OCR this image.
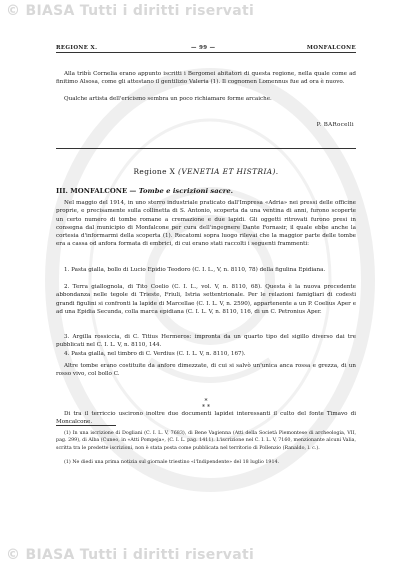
© BIASA Tutti i diritti riservati
REGIONE X.	— 99 —	MONFALCONE

Alla tribù Cornelia erano appunto iscritti i Bergomei abitatori di questa regione, nella quale come ad finitimo Alsosa, come gli attestano il gentilizio Valeria (1). Il cognomen Lomennus fue ad ora è nuovo.

Qualche artista dell'ericismo sembra un poco richiamare forme arcaiche.

P. BARocelli
Regione X (VENETIA ET HISTRIA).
III. MONFALCONE — Tombe e iscrizioni sacre.

Nel maggio del 1914, in uno sterro industriale praticato dall'Impresa «Adria» nei pressi delle officine proprie, e precisamente sulla collinetta di S. Antonio, scoperta da una ventina di anni, furono scoperte un certo numero di tombe romane a cremazione e due lapidi. Gli oggetti ritrovati furono presi in consegna dal municipio di Monfalcone per cura dell'ingegnere Dante Fornasir, il quale ebbe anche la cortesia d'informarmi della scoperta (1). Recatomi sopra luogo rilevai che la maggior parte delle tombe era a cassa od anfora formata di embrici, di cui erano stati raccolti i seguenti frammenti:

1. Pasta gialla, bollo di Lucio Epidio Teodoro (C. I. L., V, n. 8110, 78) della figulina Epidiana.

2. Terra giallognola, di Tito Coelio (C. I. L., vol. V, n. 8110, 68). Questa è la nuova precedente abbondanza nelle tegole di Trieste, Friuli, Istria settentrionale. Per le relazioni famigliari di codesti grandi figulini si confronti la lapide di Marcellae (C. I. L. V, n. 2590), appartenente a un P. Coelius Aper e ad una Epidia Secunda, colla marca epidiana (C. I. L. V, n. 8110, 116, di un C. Petronius Aper.

3. Argilla rossiccia, di C. Titius Hermeros: impronta da un quarto tipo del sigillo diverso dai tre pubblicati nel C. I. L. V, n. 8110, 144.

4. Pasta gialla, nel timbro di C. Verdius (C. I. L. V, n. 8110, 167).

Altre tombe erano costituite da anfore dimezzate, di cui si salvò un'unica anca rossa e grezza, di un rosso vivo, col bollo C.

*
* *

Di tra il terriccio uscirono inoltre due documenti lapidei interessanti il culto del fonte Timavo di Moncalcone.

(1) In una iscrizione di Dogliani (C. I. L. V, 7683), di Bene Vagienna (Atti della Società Piemontese di archeologia, VII, pag. 299), di Alba (Cuneo, in «Atti Pompeja», (C. I. L. pag. 1411). L'iscrizione nel C. I. L. V, 7160, menzionante alcuni Valia, scritta tra le predette iscrizioni, non è stata posta come pubblicata nel territorio di Pollenzio (Ranaldo, l. c.).

(1) Ne diedi una prima notizia sul giornale triestino «l'Indipendente» del 18 luglio 1914.

© BIASA Tutti i diritti riservati
